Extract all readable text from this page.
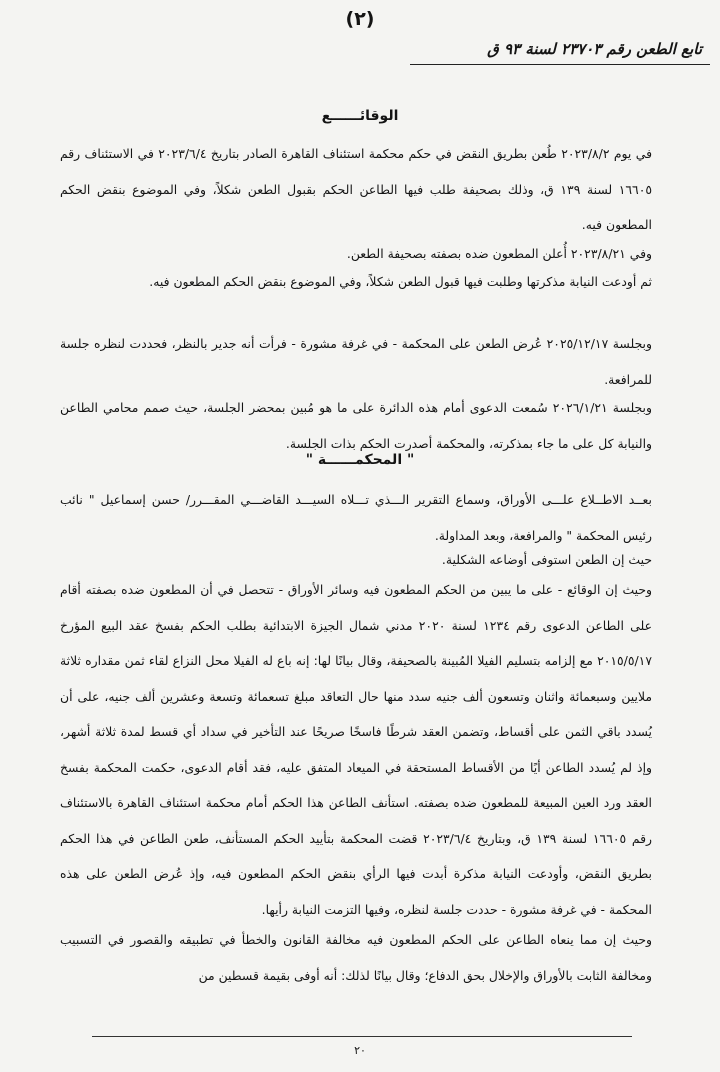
(٢)
تابع الطعن رقم ٢٣٧٠٣ لسنة ٩٣ ق
الوقائــــــع

في يوم ٢٠٢٣/٨/٢ طُعن بطريق النقض في حكم محكمة استئناف القاهرة الصادر بتاريخ ٢٠٢٣/٦/٤ في الاستئناف رقم ١٦٦٠٥ لسنة ١٣٩ ق، وذلك بصحيفة طلب فيها الطاعن الحكم بقبول الطعن شكلاً، وفي الموضوع بنقض الحكم المطعون فيه.

وفي ٢٠٢٣/٨/٢١ أُعلن المطعون ضده بصفته بصحيفة الطعن.

ثم أودعت النيابة مذكرتها وطلبت فيها قبول الطعن شكلاً، وفي الموضوع بنقض الحكم المطعون فيه.

وبجلسة ٢٠٢٥/١٢/١٧ عُرض الطعن على المحكمة - في غرفة مشورة - فرأت أنه جدير بالنظر، فحددت لنظره جلسة للمرافعة.

وبجلسة ٢٠٢٦/١/٢١ سُمعت الدعوى أمام هذه الدائرة على ما هو مُبين بمحضر الجلسة، حيث صمم محامي الطاعن والنيابة كل على ما جاء بمذكرته، والمحكمة أصدرت الحكم بذات الجلسة.

" المحكمــــــة "

بعــد الاطــلاع علـــى الأوراق، وسماع التقرير الـــذي تـــلاه السيـــد القاضـــي المقـــرر/ حسن إسماعيل " نائب رئيس المحكمة " والمرافعة، وبعد المداولة.

حيث إن الطعن استوفى أوضاعه الشكلية.

وحيث إن الوقائع - على ما يبين من الحكم المطعون فيه وسائر الأوراق - تتحصل في أن المطعون ضده بصفته أقام على الطاعن الدعوى رقم ١٢٣٤ لسنة ٢٠٢٠ مدني شمال الجيزة الابتدائية بطلب الحكم بفسخ عقد البيع المؤرخ ٢٠١٥/٥/١٧ مع إلزامه بتسليم الفيلا المُبينة بالصحيفة، وقال بيانًا لها: إنه باع له الفيلا محل النزاع لقاء ثمن مقداره ثلاثة ملايين وسبعمائة واثنان وتسعون ألف جنيه سدد منها حال التعاقد مبلغ تسعمائة وتسعة وعشرين ألف جنيه، على أن يُسدد باقي الثمن على أقساط، وتضمن العقد شرطًا فاسخًا صريحًا عند التأخير في سداد أي قسط لمدة ثلاثة أشهر، وإذ لم يُسدد الطاعن أيًا من الأقساط المستحقة في الميعاد المتفق عليه، فقد أقام الدعوى، حكمت المحكمة بفسخ العقد ورد العين المبيعة للمطعون ضده بصفته. استأنف الطاعن هذا الحكم أمام محكمة استئناف القاهرة بالاستئناف رقم ١٦٦٠٥ لسنة ١٣٩ ق، وبتاريخ ٢٠٢٣/٦/٤ قضت المحكمة بتأييد الحكم المستأنف، طعن الطاعن في هذا الحكم بطريق النقض، وأودعت النيابة مذكرة أبدت فيها الرأي بنقض الحكم المطعون فيه، وإذ عُرض الطعن على هذه المحكمة - في غرفة مشورة - حددت جلسة لنظره، وفيها التزمت النيابة رأيها.

وحيث إن مما ينعاه الطاعن على الحكم المطعون فيه مخالفة القانون والخطأ في تطبيقه والقصور في التسبيب ومخالفة الثابت بالأوراق والإخلال بحق الدفاع؛ وقال بيانًا لذلك: أنه أوفى بقيمة قسطين من

٢٠
